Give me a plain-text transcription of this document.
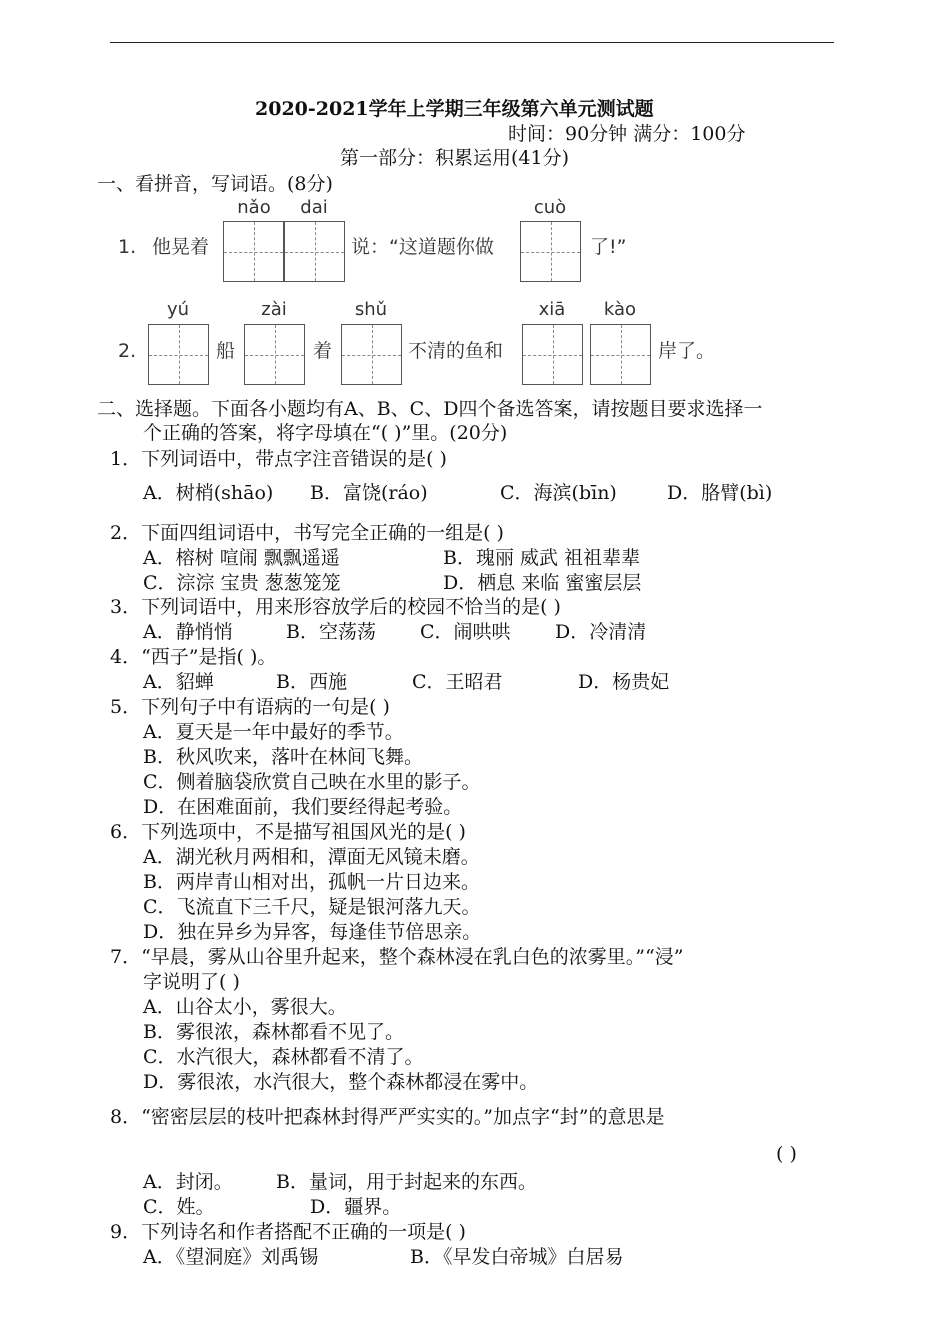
2020-2021学年上学期三年级第六单元测试题
时间：90分钟 满分：100分
第一部分：积累运用(41分)
一、看拼音，写词语。(8分)
nǎo	dai	cuò
1. 他晃着	说：“这道题你做	了!”
yú	zài	shǔ	xiā	kào
2.	船	着	不清的鱼和	岸了。
二、选择题。下面各小题均有A、B、C、D四个备选答案，请按题目要求选择一
个正确的答案，将字母填在“( )”里。(20分)
1．下列词语中，带点字注音错误的是( )
A．树梢(shāo) B．富饶(ráo)	C．海滨(bīn)	D．胳臂(bì)
2．下面四组词语中，书写完全正确的一组是( )
A．榕树 喧闹 飘飘遥遥	B．瑰丽 威武 祖祖辈辈
C．淙淙 宝贵 葱葱笼笼	D．栖息 来临 蜜蜜层层
3．下列词语中，用来形容放学后的校园不恰当的是( )
A．静悄悄	B．空荡荡 C．闹哄哄 D．冷清清
4．“西子”是指( )。
A．貂蝉	B．西施	C．王昭君	D．杨贵妃
5．下列句子中有语病的一句是( )
A．夏天是一年中最好的季节。
B．秋风吹来，落叶在林间飞舞。
C．侧着脑袋欣赏自己映在水里的影子。
D．在困难面前，我们要经得起考验。
6．下列选项中，不是描写祖国风光的是( )
A．湖光秋月两相和，潭面无风镜未磨。
B．两岸青山相对出，孤帆一片日边来。
C．飞流直下三千尺，疑是银河落九天。
D．独在异乡为异客，每逢佳节倍思亲。
7．“早晨，雾从山谷里升起来，整个森林浸在乳白色的浓雾里。”“浸”
字说明了( )
A．山谷太小，雾很大。
B．雾很浓，森林都看不见了。
C．水汽很大，森林都看不清了。
D．雾很浓，水汽很大，整个森林都浸在雾中。
8．“密密层层的枝叶把森林封得严严实实的。”加点字“封”的意思是
( )
A．封闭。 B．量词，用于封起来的东西。
C．姓。	D．疆界。
9．下列诗名和作者搭配不正确的一项是( )
A．《望洞庭》刘禹锡	B．《早发白帝城》白居易
